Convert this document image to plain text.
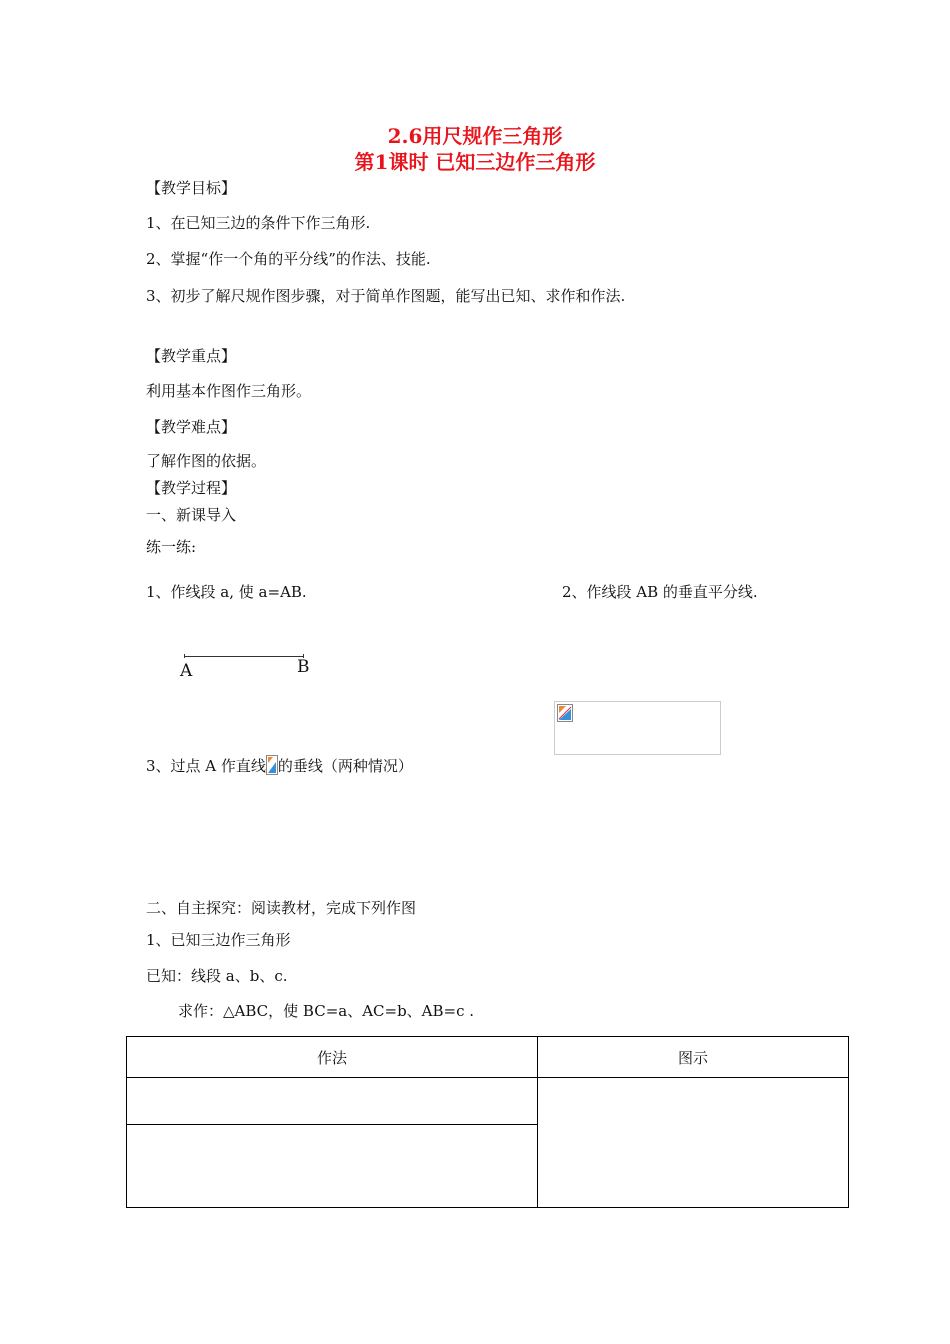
2.6用尺规作三角形
第1课时 已知三边作三角形
【教学目标】
1、在已知三边的条件下作三角形.
2、掌握“作一个角的平分线”的作法、技能.
3、初步了解尺规作图步骤，对于简单作图题，能写出已知、求作和作法.
【教学重点】
利用基本作图作三角形。
【教学难点】
了解作图的依据。
【教学过程】
一、新课导入
练一练:
1、作线段 a, 使 a=AB.	2、作线段 AB 的垂直平分线.
A	B
3、过点 A 作直线 的垂线（两种情况）
二、自主探究：阅读教材，完成下列作图
1、已知三边作三角形
已知：线段 a、b、c.
求作：△ABC，使 BC=a、AC=b、AB=c .
作法	图示
